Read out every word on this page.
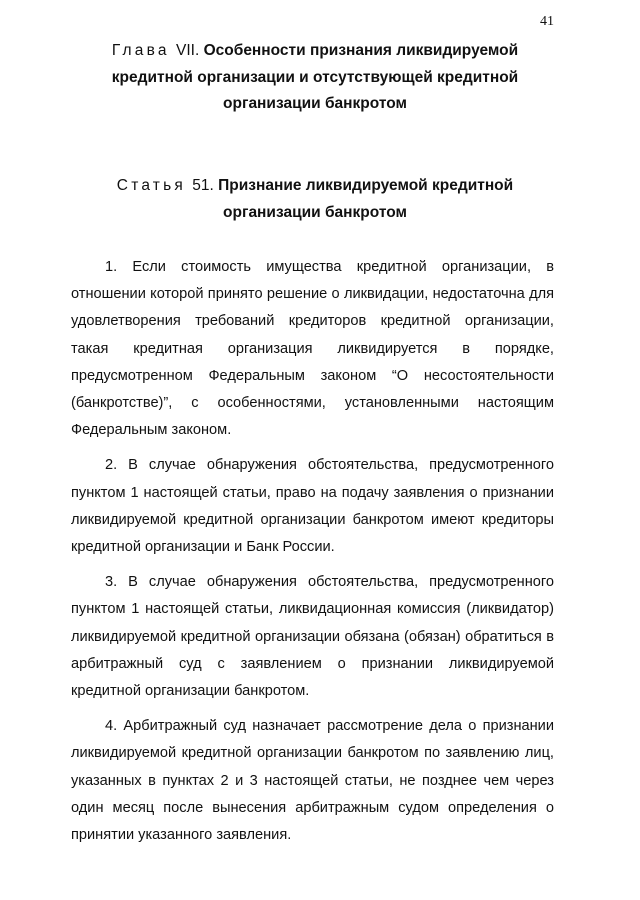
41
Глава VII. Особенности признания ликвидируемой кредитной организации и отсутствующей кредитной организации банкротом
Статья 51. Признание ликвидируемой кредитной организации банкротом

1. Если стоимость имущества кредитной организации, в отношении которой принято решение о ликвидации, недостаточна для удовлетворения требований кредиторов кредитной организации, такая кредитная организация ликвидируется в порядке, предусмотренном Федеральным законом “О несостоятельности (банкротстве)”, с особенностями, установленными настоящим Федеральным законом.

2. В случае обнаружения обстоятельства, предусмотренного пунктом 1 настоящей статьи, право на подачу заявления о признании ликвидируемой кредитной организации банкротом имеют кредиторы кредитной организации и Банк России.

3. В случае обнаружения обстоятельства, предусмотренного пунктом 1 настоящей статьи, ликвидационная комиссия (ликвидатор) ликвидируемой кредитной организации обязана (обязан) обратиться в арбитражный суд с заявлением о признании ликвидируемой кредитной организации банкротом.

4. Арбитражный суд назначает рассмотрение дела о признании ликвидируемой кредитной организации банкротом по заявлению лиц, указанных в пунктах 2 и 3 настоящей статьи, не позднее чем через один месяц после вынесения арбитражным судом определения о принятии указанного заявления.
